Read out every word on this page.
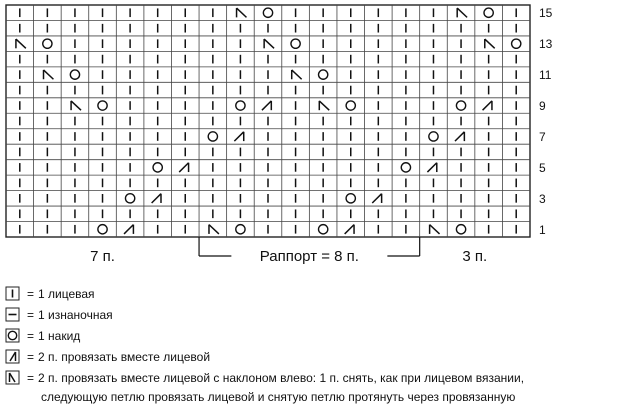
15
13
11
9
7
5
3
1
7 п.	Раппорт = 8 п.	3 п.
= 1 лицевая
= 1 изнаночная
= 1 накид
= 2 п. провязать вместе лицевой
= 2 п. провязать вместе лицевой с наклоном влево: 1 п. снять, как при лицевом вязании,
следующую петлю провязать лицевой и снятую петлю протянуть через провязанную
